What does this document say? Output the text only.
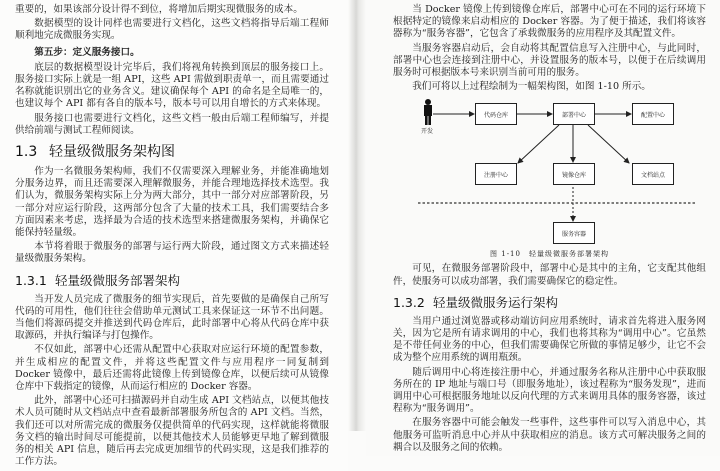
重要的，如果该部分设计得不到位，将增加后期实现微服务的成本。

数据模型的设计同样也需要进行文档化，这些文档将指导后端工程师顺利地完成微服务实现。

第五步：定义服务接口。

底层的数据模型设计完毕后，我们将视角转换到顶层的服务接口上。服务接口实际上就是一组 API，这些 API 需做到职责单一，而且需要通过名称就能识别出它的业务含义。建议确保每个 API 的命名是全局唯一的，也建议每个 API 都有各自的版本号，版本号可以用自增长的方式来体现。

服务接口也需要进行文档化，这些文档一般由后端工程师编写，并提供给前端与测试工程师阅读。

1.3 轻量级微服务架构图

作为一名微服务架构师，我们不仅需要深入理解业务，并能准确地划分服务边界，而且还需要深入理解微服务，并能合理地选择技术选型。我们认为，微服务架构实际上分为两大部分，其中一部分对应部署阶段，另一部分对应运行阶段，这两部分包含了大量的技术工具，我们需要结合多方面因素来考虑，选择最为合适的技术选型来搭建微服务架构，并确保它能保持轻量级。

本节将着眼于微服务的部署与运行两大阶段，通过图文方式来描述轻量级微服务架构。

1.3.1 轻量级微服务部署架构

当开发人员完成了微服务的细节实现后，首先要做的是确保自己所写代码的可用性，他们往往会借助单元测试工具来保证这一环节不出问题。当他们将源码提交并推送到代码仓库后，此时部署中心将从代码仓库中获取源码，并执行编译与打包操作。

不仅如此，部署中心还需从配置中心获取对应运行环境的配置参数，并生成相应的配置文件，并将这些配置文件与应用程序一同复制到 Docker 镜像中，最后还需将此镜像上传到镜像仓库，以便后续可从镜像仓库中下载指定的镜像，从而运行相应的 Docker 容器。

此外，部署中心还可扫描源码并自动生成 API 文档站点，以便其他技术人员可随时从文档站点中查看最新部署服务所包含的 API 文档。当然，我们还可以对所需完成的微服务仅提供简单的代码实现，这样就能将微服务文档的输出时间尽可能提前，以便其他技术人员能够更早地了解到微服务的相关 API 信息，随后再去完成更加细节的代码实现，这是我们推荐的工作方法。

当 Docker 镜像上传到镜像仓库后，部署中心可在不同的运行环境下根据特定的镜像来启动相应的 Docker 容器。为了便于描述，我们将该容器称为“服务容器”，它包含了承载微服务的应用程序及其配置文件。

当服务容器启动后，会自动将其配置信息写入注册中心，与此同时，部署中心也会连接到注册中心，并设置服务的版本号，以便于在后续调用服务时可根据版本号来识别当前可用的服务。

我们可将以上过程绘制为一幅架构图，如图 1-10 所示。

开发
代码仓库	部署中心	配置中心
注册中心	镜像仓库	文档站点
服务容器
图 1-10　轻量级微服务部署架构

可见，在微服务部署阶段中，部署中心是其中的主角，它支配其他组件，使服务可以成功部署，我们需要确保它的稳定性。

1.3.2 轻量级微服务运行架构

当用户通过浏览器或移动端访问应用系统时，请求首先将进入服务网关，因为它是所有请求调用的中心，我们也将其称为“调用中心”。它虽然是不带任何业务的中心，但我们需要确保它所做的事情足够少，让它不会成为整个应用系统的调用瓶颈。

随后调用中心将连接注册中心，并通过服务名称从注册中心中获取服务所在的 IP 地址与端口号（即服务地址），该过程称为“服务发现”，进而调用中心可根据服务地址以反向代理的方式来调用具体的服务容器，该过程称为“服务调用”。

在服务容器中可能会触发一些事件，这些事件可以写入消息中心，其他服务可监听消息中心并从中获取相应的消息。该方式可解决服务之间的耦合以及服务之间的依赖。
